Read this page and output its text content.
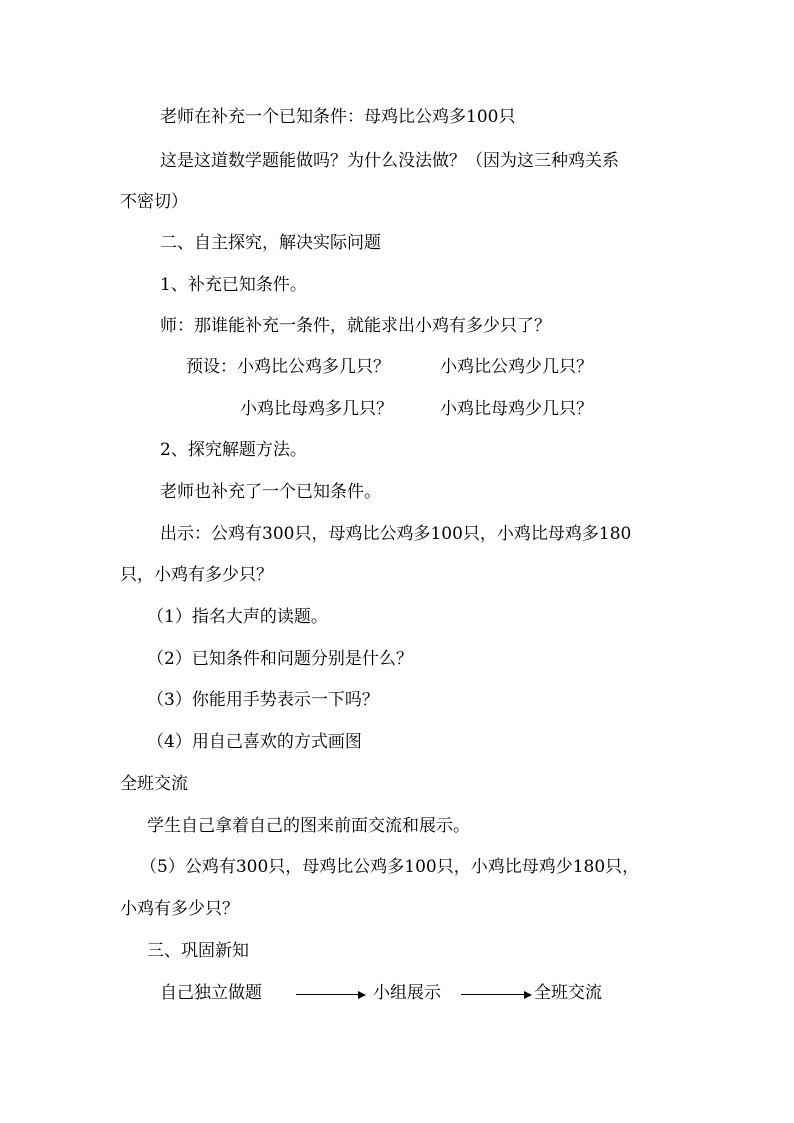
老师在补充一个已知条件：母鸡比公鸡多100只
这是这道数学题能做吗？为什么没法做？（因为这三种鸡关系
不密切）
二、自主探究，解决实际问题
1、补充已知条件。
师：那谁能补充一条件，就能求出小鸡有多少只了？
预设：小鸡比公鸡多几只？	小鸡比公鸡少几只？
小鸡比母鸡多几只？	小鸡比母鸡少几只？
2、探究解题方法。
老师也补充了一个已知条件。
出示：公鸡有300只，母鸡比公鸡多100只，小鸡比母鸡多180
只，小鸡有多少只？
（1）指名大声的读题。
（2）已知条件和问题分别是什么？
（3）你能用手势表示一下吗？
（4）用自己喜欢的方式画图
全班交流
学生自己拿着自己的图来前面交流和展示。
（5）公鸡有300只，母鸡比公鸡多100只，小鸡比母鸡少180只，
小鸡有多少只？
三、巩固新知
自己独立做题	小组展示	全班交流
